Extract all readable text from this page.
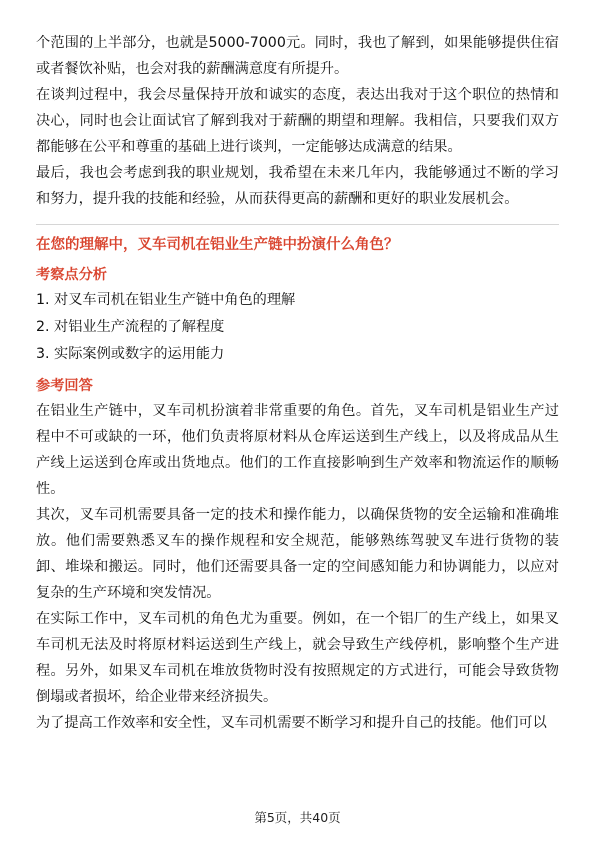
个范围的上半部分，也就是5000-7000元。同时，我也了解到，如果能够提供住宿或者餐饮补贴，也会对我的薪酬满意度有所提升。

在谈判过程中，我会尽量保持开放和诚实的态度，表达出我对于这个职位的热情和决心，同时也会让面试官了解到我对于薪酬的期望和理解。我相信，只要我们双方都能够在公平和尊重的基础上进行谈判，一定能够达成满意的结果。

最后，我也会考虑到我的职业规划，我希望在未来几年内，我能够通过不断的学习和努力，提升我的技能和经验，从而获得更高的薪酬和更好的职业发展机会。

在您的理解中，叉车司机在铝业生产链中扮演什么角色？

考察点分析

1. 对叉车司机在铝业生产链中角色的理解

2. 对铝业生产流程的了解程度

3. 实际案例或数字的运用能力

参考回答

在铝业生产链中，叉车司机扮演着非常重要的角色。首先，叉车司机是铝业生产过程中不可或缺的一环，他们负责将原材料从仓库运送到生产线上，以及将成品从生产线上运送到仓库或出货地点。他们的工作直接影响到生产效率和物流运作的顺畅性。

其次，叉车司机需要具备一定的技术和操作能力，以确保货物的安全运输和准确堆放。他们需要熟悉叉车的操作规程和安全规范，能够熟练驾驶叉车进行货物的装卸、堆垛和搬运。同时，他们还需要具备一定的空间感知能力和协调能力，以应对复杂的生产环境和突发情况。

在实际工作中，叉车司机的角色尤为重要。例如，在一个铝厂的生产线上，如果叉车司机无法及时将原材料运送到生产线上，就会导致生产线停机，影响整个生产进程。另外，如果叉车司机在堆放货物时没有按照规定的方式进行，可能会导致货物倒塌或者损坏，给企业带来经济损失。

为了提高工作效率和安全性，叉车司机需要不断学习和提升自己的技能。他们可以

第5页，共40页
